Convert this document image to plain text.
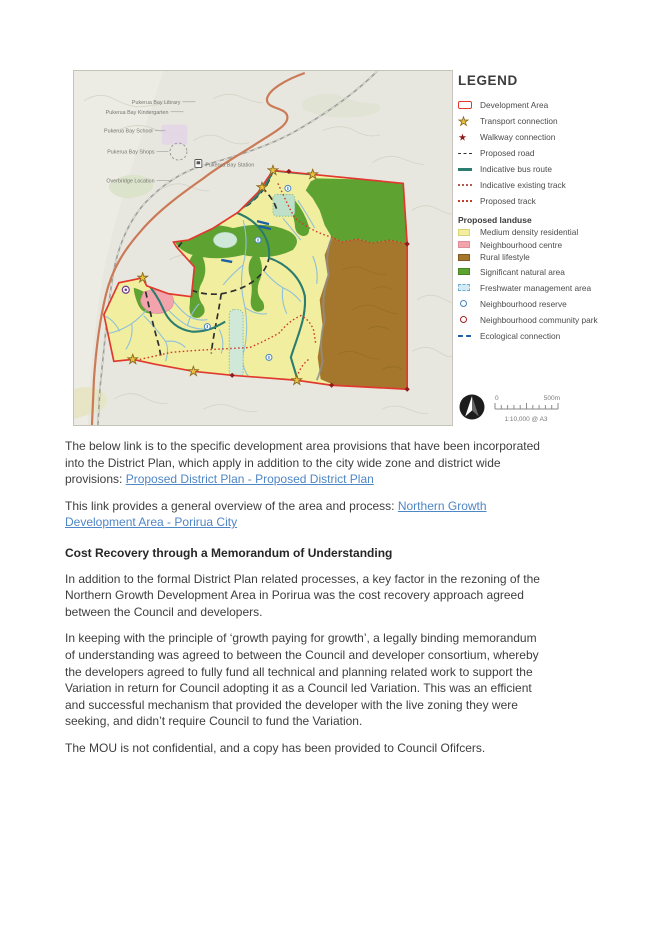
Pukerua Bay Library
Pukerua Bay Kindergarten
Pukerua Bay School
Pukerua Bay Shops
Pukerua Bay Station
Overbridge Location
LEGEND
Development Area
Transport connection
Walkway connection
Proposed road
Indicative bus route
Indicative existing track
Proposed track
Proposed landuse
Medium density residential
Neighbourhood centre
Rural lifestyle
Significant natural area
Freshwater management area
Neighbourhood reserve
Neighbourhood community park
Ecological connection
0	500m
1:10,000 @ A3

The below link is to the specific development area provisions that have been incorporated into the District Plan, which apply in addition to the city wide zone and district wide provisions: Proposed District Plan - Proposed District Plan

This link provides a general overview of the area and process: Northern Growth Development Area - Porirua City

Cost Recovery through a Memorandum of Understanding

In addition to the formal District Plan related processes, a key factor in the rezoning of the Northern Growth Development Area in Porirua was the cost recovery approach agreed between the Council and developers.

In keeping with the principle of ‘growth paying for growth’, a legally binding memorandum of understanding was agreed to between the Council and developer consortium, whereby the developers agreed to fully fund all technical and planning related work to support the Variation in return for Council adopting it as a Council led Variation. This was an efficient and successful mechanism that provided the developer with the live zoning they were seeking, and didn’t require Council to fund the Variation.

The MOU is not confidential, and a copy has been provided to Council Ofifcers.
